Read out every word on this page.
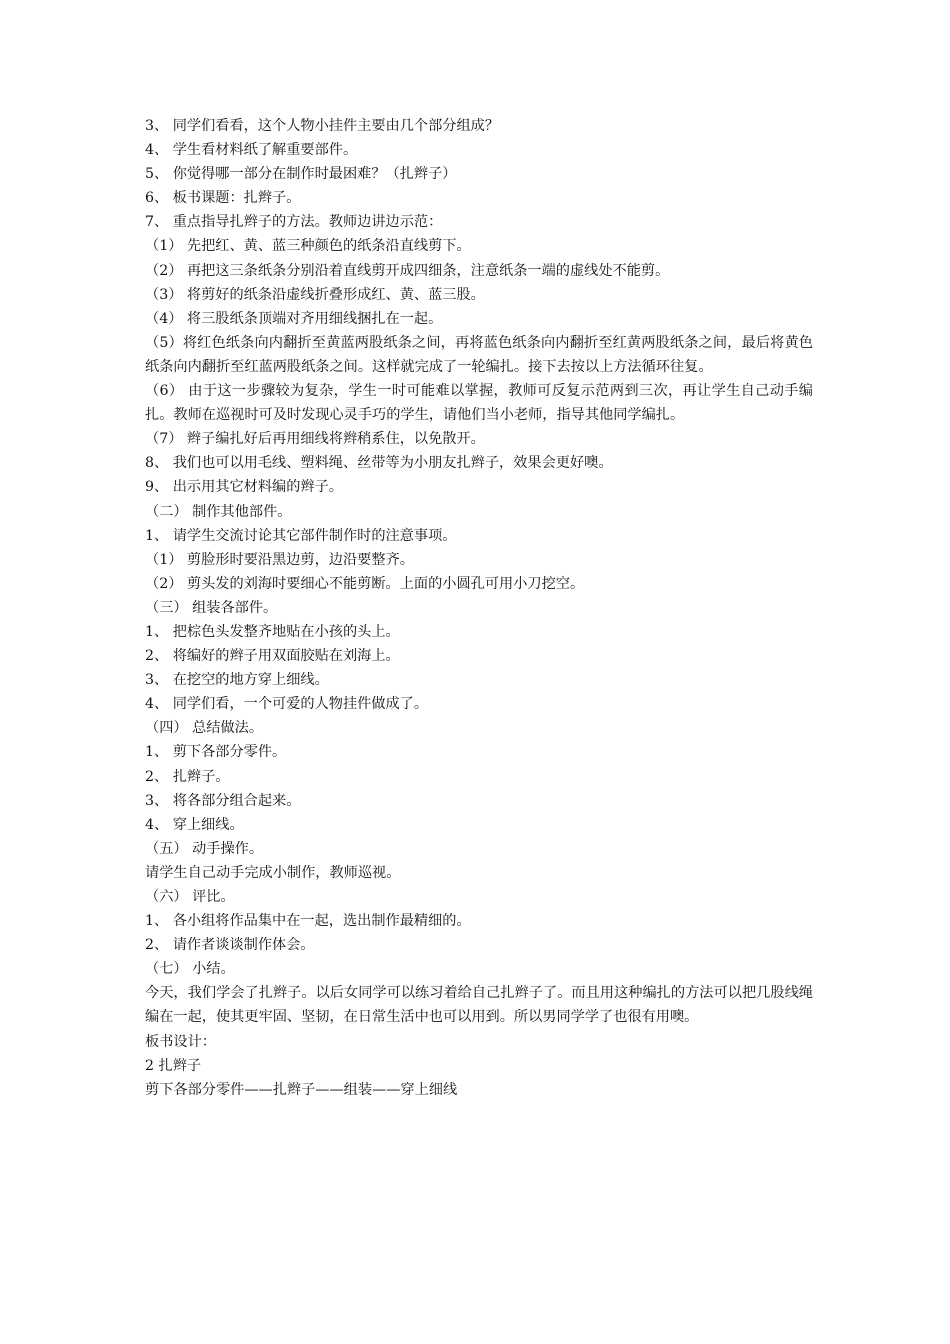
3、 同学们看看，这个人物小挂件主要由几个部分组成？

4、 学生看材料纸了解重要部件。

5、 你觉得哪一部分在制作时最困难？（扎辫子）

6、 板书课题：扎辫子。

7、 重点指导扎辫子的方法。教师边讲边示范：

（1） 先把红、黄、蓝三种颜色的纸条沿直线剪下。

（2） 再把这三条纸条分别沿着直线剪开成四细条，注意纸条一端的虚线处不能剪。

（3） 将剪好的纸条沿虚线折叠形成红、黄、蓝三股。

（4） 将三股纸条顶端对齐用细线捆扎在一起。

（5）将红色纸条向内翻折至黄蓝两股纸条之间，再将蓝色纸条向内翻折至红黄两股纸条之间，最后将黄色纸条向内翻折至红蓝两股纸条之间。这样就完成了一轮编扎。接下去按以上方法循环往复。

（6） 由于这一步骤较为复杂，学生一时可能难以掌握，教师可反复示范两到三次，再让学生自己动手编扎。教师在巡视时可及时发现心灵手巧的学生，请他们当小老师，指导其他同学编扎。

（7） 辫子编扎好后再用细线将辫稍系住，以免散开。

8、 我们也可以用毛线、塑料绳、丝带等为小朋友扎辫子，效果会更好噢。

9、 出示用其它材料编的辫子。

（二） 制作其他部件。

1、 请学生交流讨论其它部件制作时的注意事项。

（1） 剪脸形时要沿黑边剪，边沿要整齐。

（2） 剪头发的刘海时要细心不能剪断。上面的小圆孔可用小刀挖空。

（三） 组装各部件。

1、 把棕色头发整齐地贴在小孩的头上。

2、 将编好的辫子用双面胶贴在刘海上。

3、 在挖空的地方穿上细线。

4、 同学们看，一个可爱的人物挂件做成了。

（四） 总结做法。

1、 剪下各部分零件。

2、 扎辫子。

3、 将各部分组合起来。

4、 穿上细线。

（五） 动手操作。

请学生自己动手完成小制作，教师巡视。

（六） 评比。

1、 各小组将作品集中在一起，选出制作最精细的。

2、 请作者谈谈制作体会。

（七） 小结。

今天，我们学会了扎辫子。以后女同学可以练习着给自己扎辫子了。而且用这种编扎的方法可以把几股线绳编在一起，使其更牢固、坚韧，在日常生活中也可以用到。所以男同学学了也很有用噢。

板书设计：

2 扎辫子

剪下各部分零件——扎辫子——组装——穿上细线
